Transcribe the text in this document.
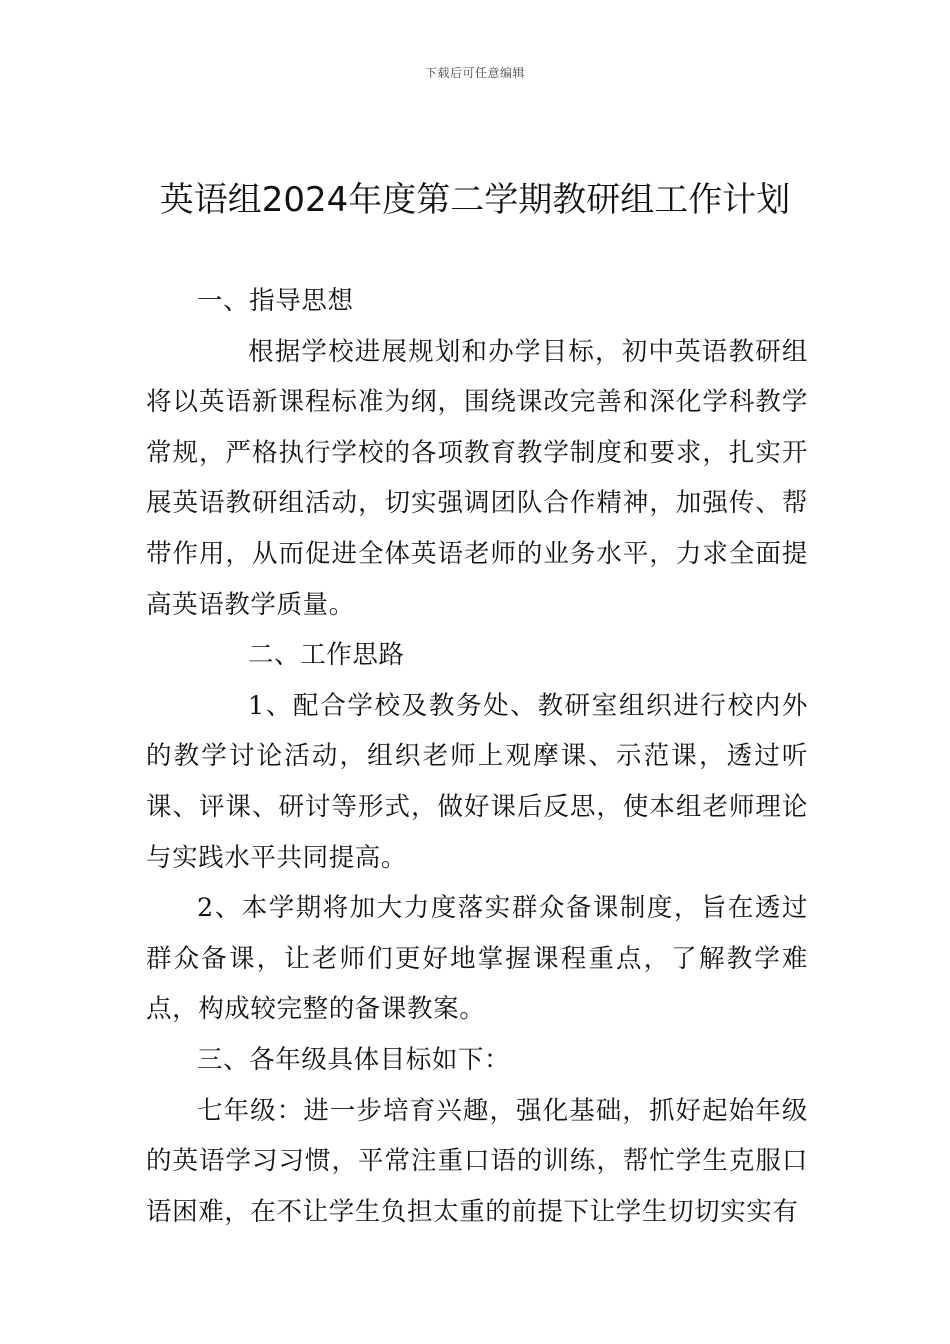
下载后可任意编辑
英语组2024年度第二学期教研组工作计划

一、指导思想

根据学校进展规划和办学目标，初中英语教研组将以英语新课程标准为纲，围绕课改完善和深化学科教学常规，严格执行学校的各项教育教学制度和要求，扎实开展英语教研组活动，切实强调团队合作精神，加强传、帮带作用，从而促进全体英语老师的业务水平，力求全面提高英语教学质量。

二、工作思路

1、配合学校及教务处、教研室组织进行校内外的教学讨论活动，组织老师上观摩课、示范课，透过听课、评课、研讨等形式，做好课后反思，使本组老师理论与实践水平共同提高。

2、本学期将加大力度落实群众备课制度，旨在透过群众备课，让老师们更好地掌握课程重点，了解教学难点，构成较完整的备课教案。

三、各年级具体目标如下：

七年级：进一步培育兴趣，强化基础，抓好起始年级的英语学习习惯，平常注重口语的训练，帮忙学生克服口语困难，在不让学生负担太重的前提下让学生切切实实有
